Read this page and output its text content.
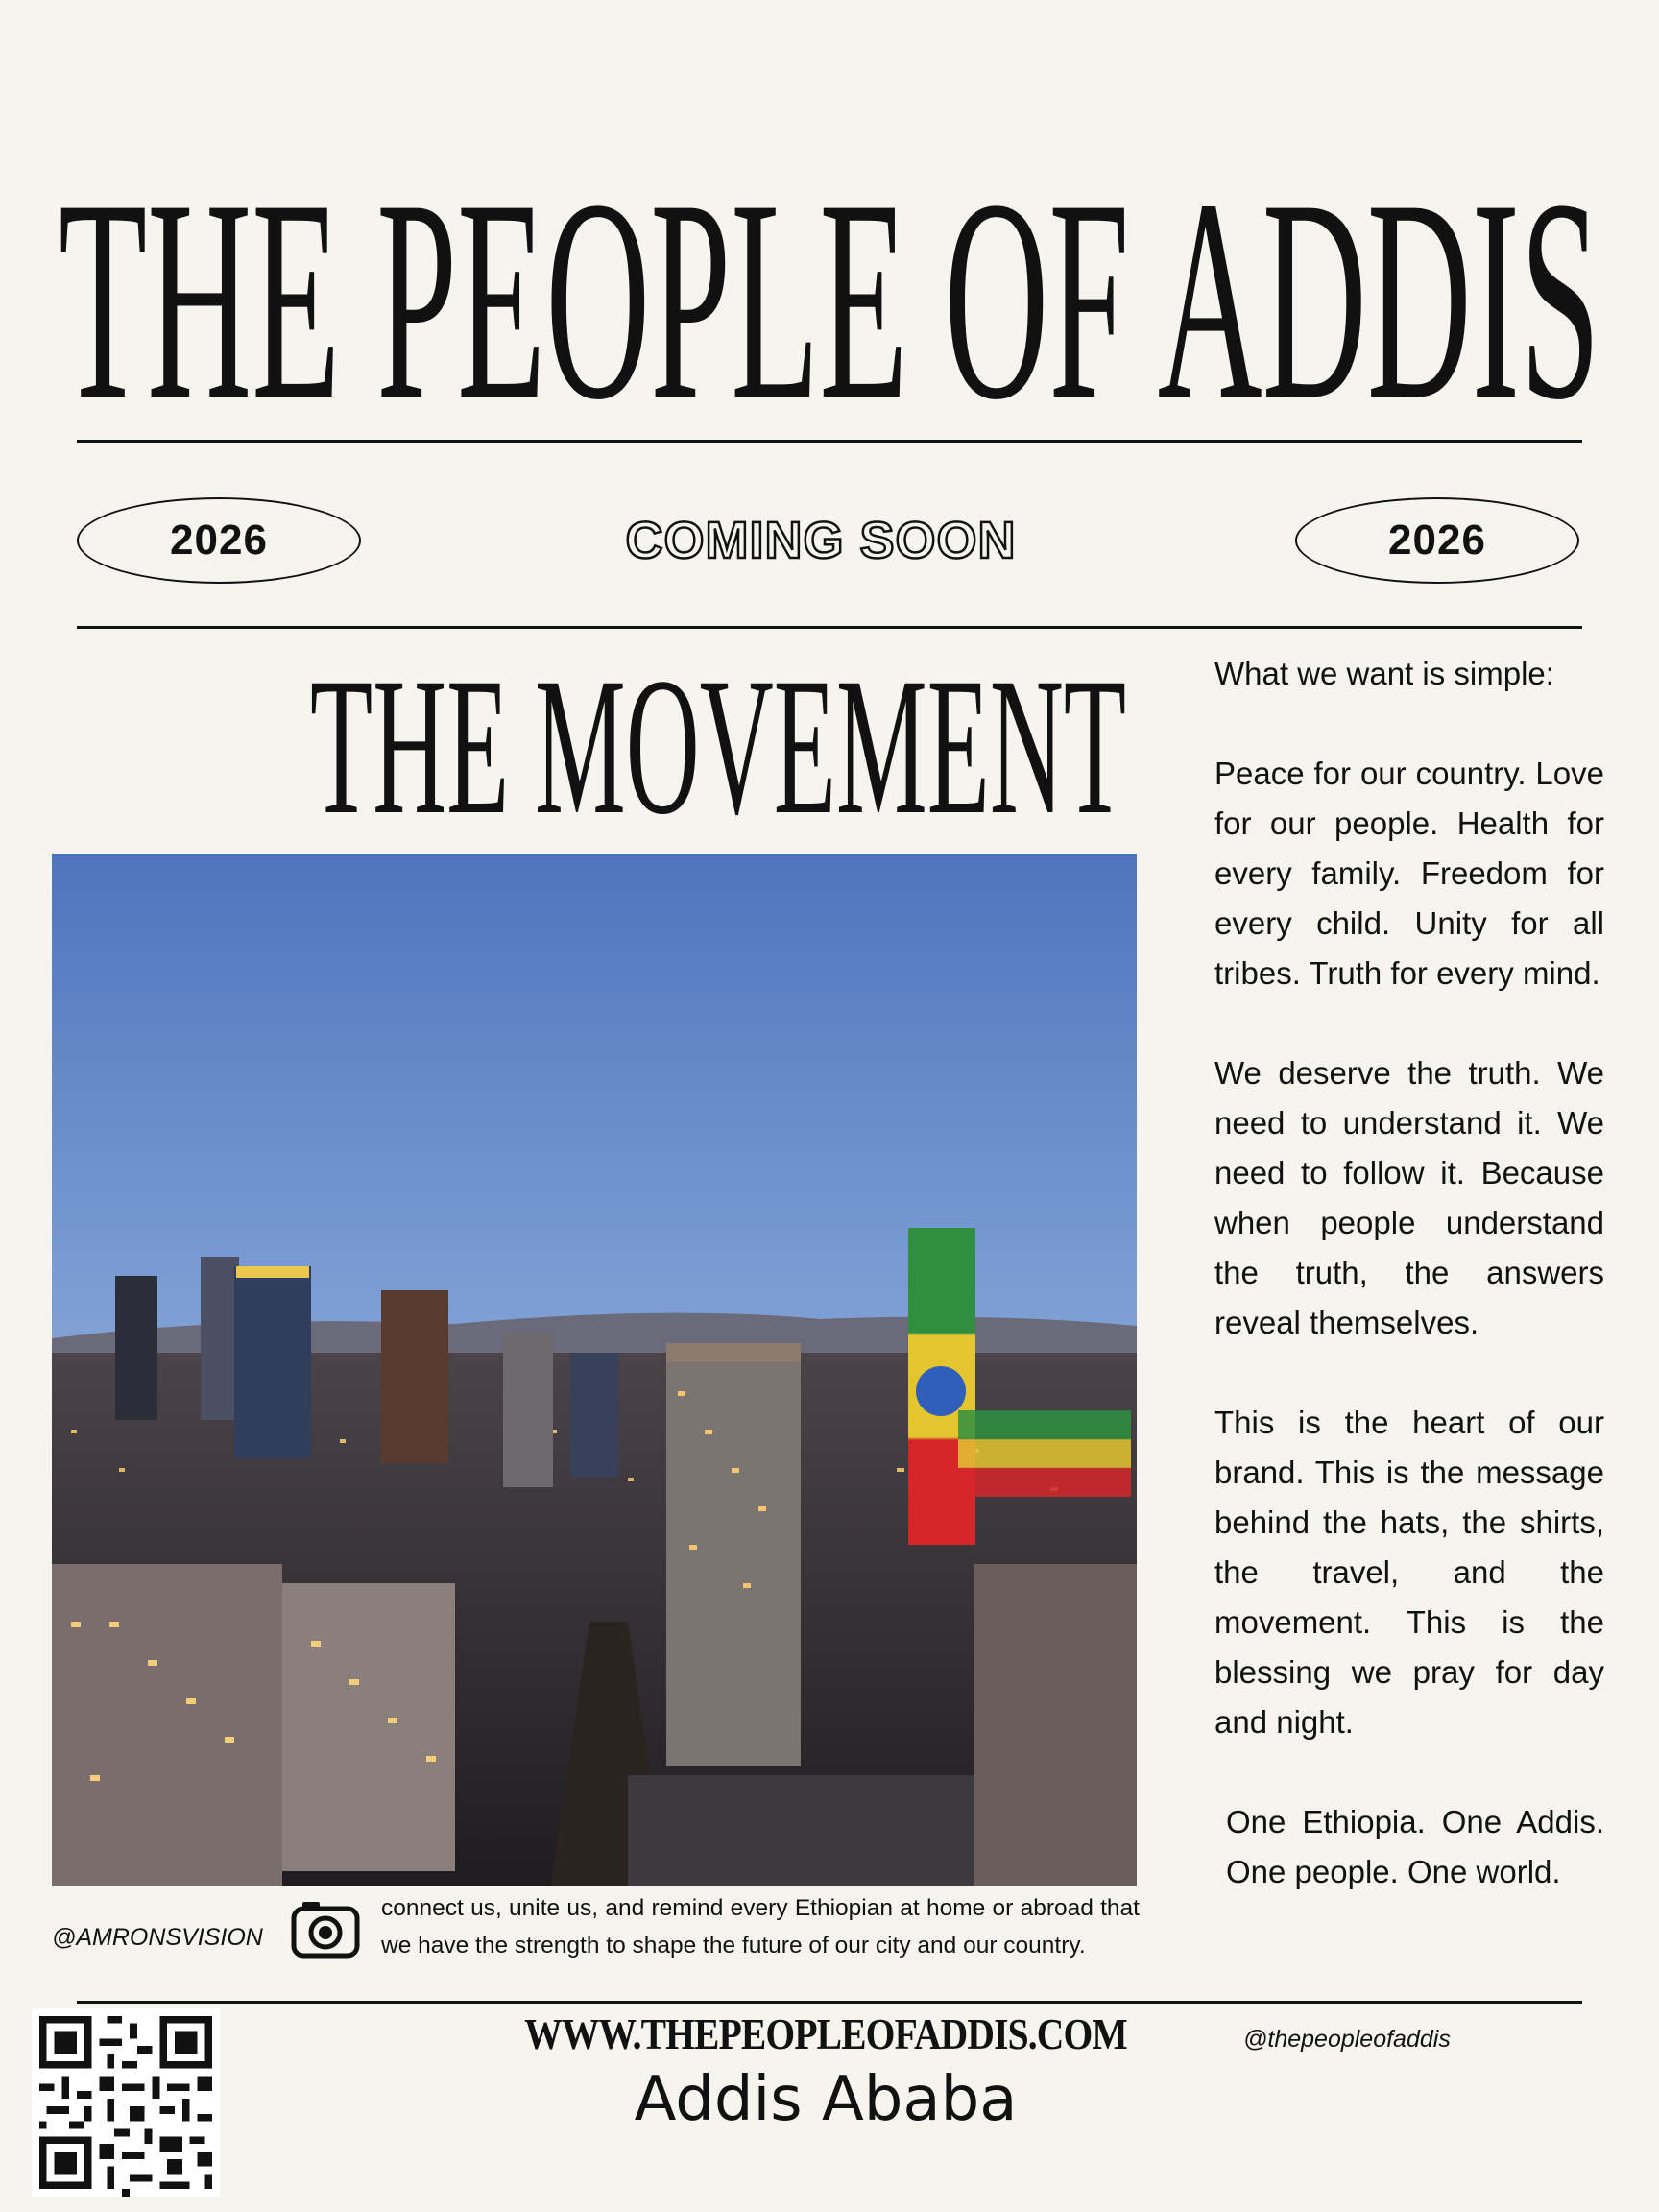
THE PEOPLE OF ADDIS
2026	COMING SOON	2026
THE MOVEMENT	What we want is simple:

Peace for our country. Love for our people. Health for every family. Freedom for every child. Unity for all tribes. Truth for every mind.

We deserve the truth. We need to understand it. We need to follow it. Because when people understand the truth, the answers reveal themselves.

This is the heart of our brand. This is the message behind the hats, the shirts, the travel, and the movement. This is the blessing we pray for day and night.

One Ethiopia. One Addis. One people. One world.

@AMRONSVISION
connect us, unite us, and remind every Ethiopian at home or abroad that we have the strength to shape the future of our city and our country.
WWW.THEPEOPLEOFADDIS.COM
Addis Ababa
@thepeopleofaddis
